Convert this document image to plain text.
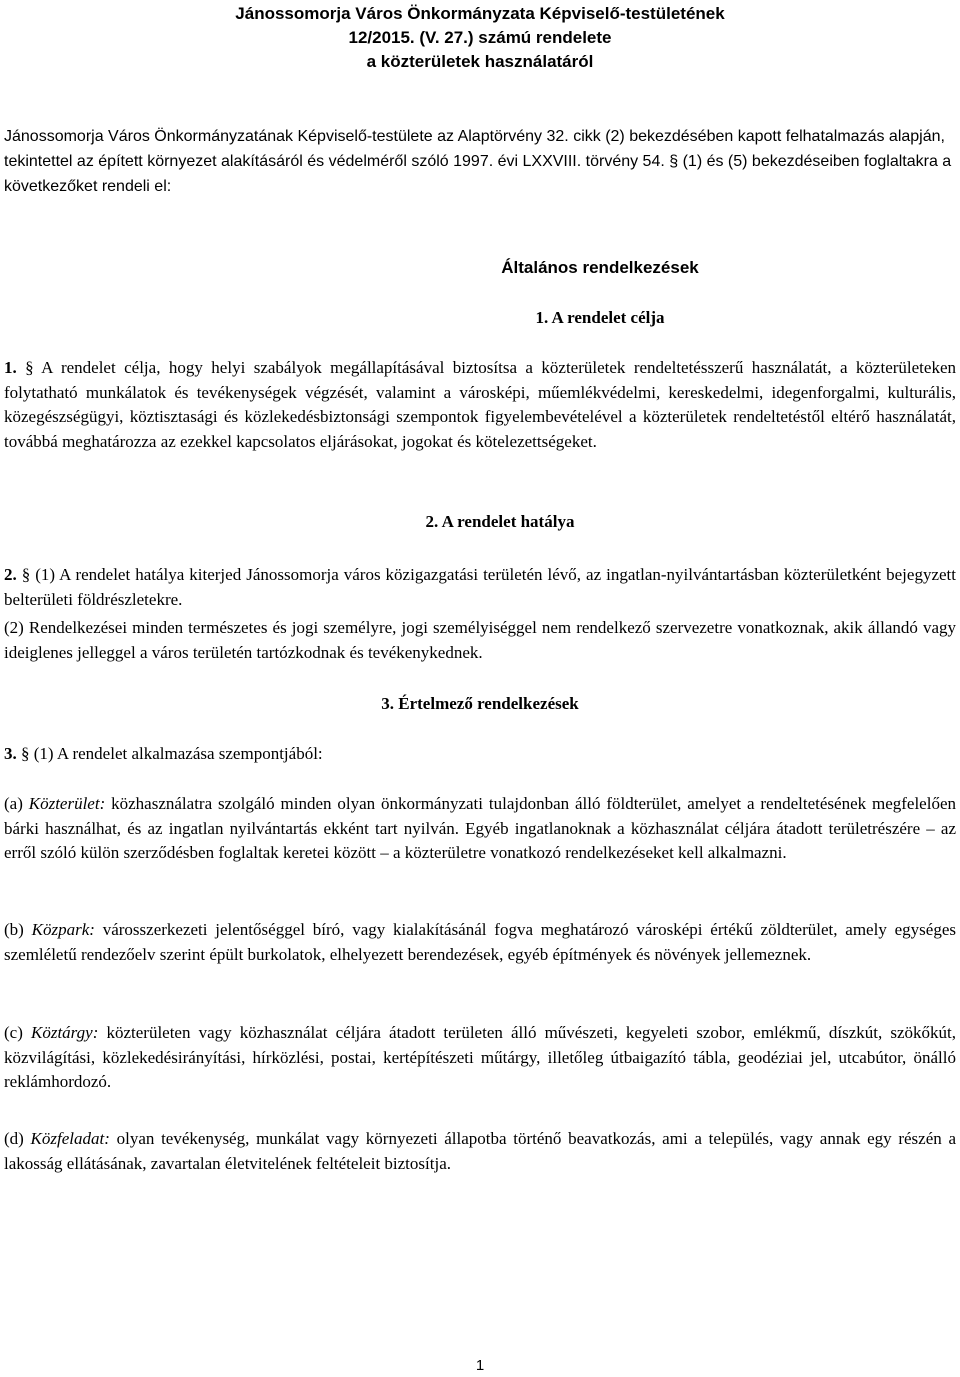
Jánossomorja Város Önkormányzata Képviselő-testületének
12/2015. (V. 27.) számú rendelete
a közterületek használatáról
Jánossomorja Város Önkormányzatának Képviselő-testülete az Alaptörvény 32. cikk (2) bekezdésében kapott felhatalmazás alapján, tekintettel az épített környezet alakításáról és védelméről szóló 1997. évi LXXVIII. törvény 54. § (1) és (5) bekezdéseiben foglaltakra a következőket rendeli el:
Általános rendelkezések
1. A rendelet célja
1. § A rendelet célja, hogy helyi szabályok megállapításával biztosítsa a közterületek rendeltetésszerű használatát, a közterületeken folytatható munkálatok és tevékenységek végzését, valamint a városképi, műemlékvédelmi, kereskedelmi, idegenforgalmi, kulturális, közegészségügyi, köztisztasági és közlekedésbiztonsági szempontok figyelembevételével a közterületek rendeltetéstől eltérő használatát, továbbá meghatározza az ezekkel kapcsolatos eljárásokat, jogokat és kötelezettségeket.
2. A rendelet hatálya
2. § (1) A rendelet hatálya kiterjed Jánossomorja város közigazgatási területén lévő, az ingatlan-nyilvántartásban közterületként bejegyzett belterületi földrészletekre.
(2) Rendelkezései minden természetes és jogi személyre, jogi személyiséggel nem rendelkező szervezetre vonatkoznak, akik állandó vagy ideiglenes jelleggel a város területén tartózkodnak és tevékenykednek.
3. Értelmező rendelkezések
3. § (1) A rendelet alkalmazása szempontjából:
(a) Közterület: közhasználatra szolgáló minden olyan önkormányzati tulajdonban álló földterület, amelyet a rendeltetésének megfelelően bárki használhat, és az ingatlan nyilvántartás ekként tart nyilván. Egyéb ingatlanoknak a közhasználat céljára átadott területrészére – az erről szóló külön szerződésben foglaltak keretei között – a közterületre vonatkozó rendelkezéseket kell alkalmazni.
(b) Közpark: városszerkezeti jelentőséggel bíró, vagy kialakításánál fogva meghatározó városképi értékű zöldterület, amely egységes szemléletű rendezőelv szerint épült burkolatok, elhelyezett berendezések, egyéb építmények és növények jellemeznek.
(c) Köztárgy: közterületen vagy közhasználat céljára átadott területen álló művészeti, kegyeleti szobor, emlékmű, díszkút, szökőkút, közvilágítási, közlekedésirányítási, hírközlési, postai, kertépítészeti műtárgy, illetőleg útbaigazító tábla, geodéziai jel, utcabútor, önálló reklámhordozó.
(d) Közfeladat: olyan tevékenység, munkálat vagy környezeti állapotba történő beavatkozás, ami a település, vagy annak egy részén a lakosság ellátásának, zavartalan életvitelének feltételeit biztosítja.
1
